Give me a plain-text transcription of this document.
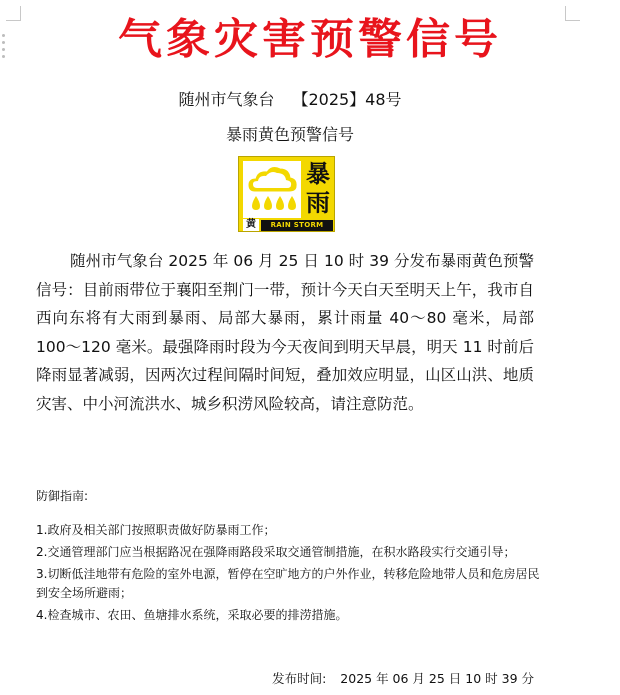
气象灾害预警信号
随州市气象台 【2025】48号
暴雨黄色预警信号
暴
雨
黄	RAIN STORM

随州市气象台 2025 年 06 月 25 日 10 时 39 分发布暴雨黄色预警信号：目前雨带位于襄阳至荆门一带，预计今天白天至明天上午，我市自西向东将有大雨到暴雨、局部大暴雨，累计雨量 40～80 毫米，局部 100～120 毫米。最强降雨时段为今天夜间到明天早晨，明天 11 时前后降雨显著减弱，因两次过程间隔时间短，叠加效应明显，山区山洪、地质灾害、中小河流洪水、城乡积涝风险较高，请注意防范。

防御指南:

1.政府及相关部门按照职责做好防暴雨工作；
2.交通管理部门应当根据路况在强降雨路段采取交通管制措施，在积水路段实行交通引导；
3.切断低洼地带有危险的室外电源，暂停在空旷地方的户外作业，转移危险地带人员和危房居民到安全场所避雨；
4.检查城市、农田、鱼塘排水系统，采取必要的排涝措施。
发布时间: 2025 年 06 月 25 日 10 时 39 分
